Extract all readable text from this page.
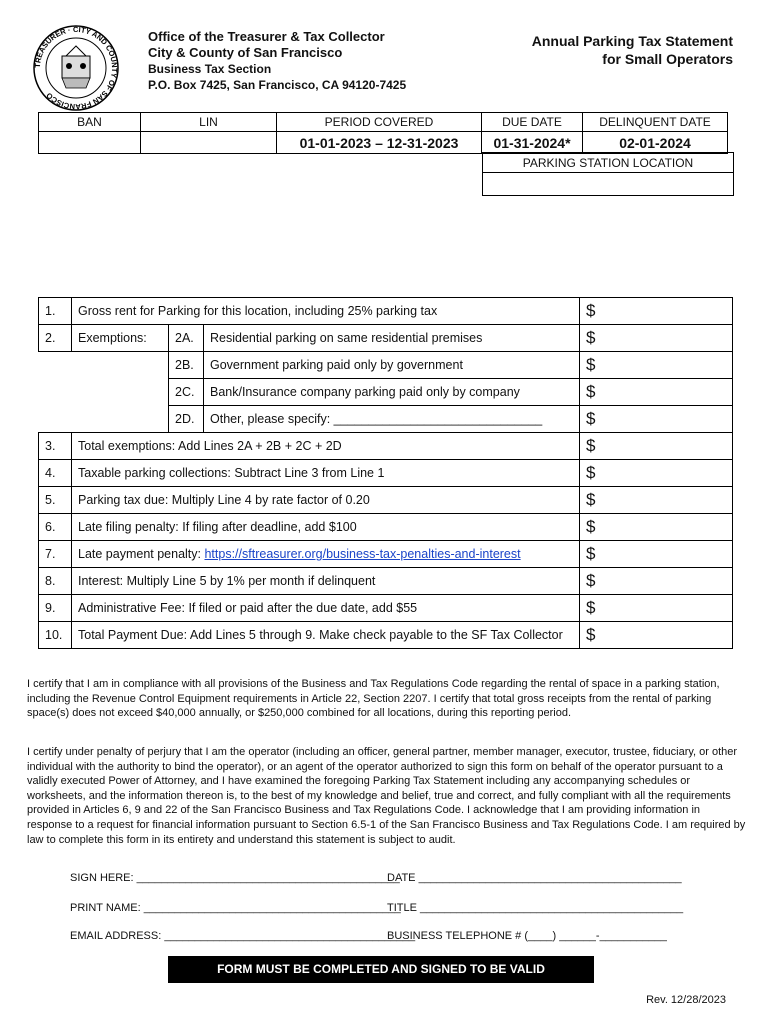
TREASURER · CITY AND COUNTY OF SAN FRANCISCO
Office of the Treasurer & Tax Collector
City & County of San Francisco
Business Tax Section
P.O. Box 7425, San Francisco, CA 94120-7425
Annual Parking Tax Statement
for Small Operators
BAN	LIN	PERIOD COVERED	DUE DATE	DELINQUENT DATE
		01-01-2023 – 12-31-2023	01-31-2024*	02-01-2024
PARKING STATION LOCATION
1.	Gross rent for Parking for this location, including 25% parking tax			$
2.	Exemptions:	2A.	Residential parking on same residential premises	$
		2B.	Government parking paid only by government	$
		2C.	Bank/Insurance company parking paid only by company	$
		2D.	Other, please specify: ______________________________	$
3.	Total exemptions: Add Lines 2A + 2B + 2C + 2D			$
4.	Taxable parking collections: Subtract Line 3 from Line 1			$
5.	Parking tax due: Multiply Line 4 by rate factor of 0.20			$
6.	Late filing penalty: If filing after deadline, add $100			$
7.	Late payment penalty: https://sftreasurer.org/business-tax-penalties-and-interest			$
8.	Interest: Multiply Line 5 by 1% per month if delinquent			$
9.	Administrative Fee: If filed or paid after the due date, add $55			$
10.	Total Payment Due: Add Lines 5 through 9. Make check payable to the SF Tax Collector			$
I certify that I am in compliance with all provisions of the Business and Tax Regulations Code regarding the rental of space in a parking station, including the Revenue Control Equipment requirements in Article 22, Section 2207. I certify that total gross receipts from the rental of parking space(s) does not exceed $40,000 annually, or $250,000 combined for all locations, during this reporting period.
I certify under penalty of perjury that I am the operator (including an officer, general partner, member manager, executor, trustee, fiduciary, or other individual with the authority to bind the operator), or an agent of the operator authorized to sign this form on behalf of the operator pursuant to a validly executed Power of Attorney, and I have examined the foregoing Parking Tax Statement including any accompanying schedules or worksheets, and the information thereon is, to the best of my knowledge and belief, true and correct, and fully compliant with all the requirements provided in Articles 6, 9 and 22 of the San Francisco Business and Tax Regulations Code. I acknowledge that I am providing information in response to a request for financial information pursuant to Section 6.5-1 of the San Francisco Business and Tax Regulations Code. I am required by law to complete this form in its entirety and understand this statement is subject to audit.
SIGN HERE: ___________________________________________
DATE ___________________________________________
PRINT NAME: __________________________________________
TITLE ___________________________________________
EMAIL ADDRESS: _________________________________________
BUSINESS TELEPHONE # (____) ______-___________
FORM MUST BE COMPLETED AND SIGNED TO BE VALID
Rev. 12/28/2023
